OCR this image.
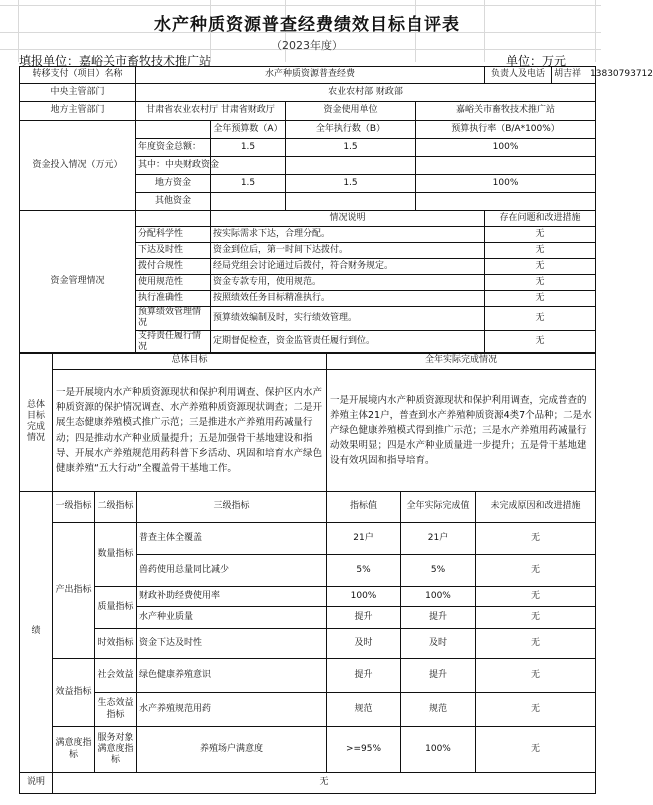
水产种质资源普查经费绩效目标自评表
（2023年度）
填报单位：嘉峪关市畜牧技术推广站	单位：万元
转移支付（项目）名称	水产种质资源普查经费				负责人及电话	胡吉祥　13830793712
中央主管部门	农业农村部 财政部					
地方主管部门	甘肃省农业农村厅 甘肃省财政厅		资金使用单位	嘉峪关市畜牧技术推广站		
资金投入情况（万元）		全年预算数（A）	全年执行数（B）	预算执行率（B/A*100%）		
	年度资金总额：	1.5	1.5	100%		
	其中：中央财政资金					
	地方资金	1.5	1.5	100%		
	其他资金					
资金管理情况		情况说明			存在问题和改进措施	
	分配科学性	按实际需求下达，合理分配。			无	
	下达及时性	资金到位后，第一时间下达拨付。			无	
	拨付合规性	经局党组会讨论通过后拨付，符合财务规定。			无	
	使用规范性	资金专款专用，使用规范。			无	
	执行准确性	按照绩效任务目标精准执行。			无	
	预算绩效管理情况	预算绩效编制及时，实行绩效管理。			无	
	支持责任履行情况	定期督促检查，资金监管责任履行到位。			无	
总体目标完成情况	总体目标	全年实际完成情况
	一是开展境内水产种质资源现状和保护利用调查、保护区内水产种质资源的保护情况调查、水产养殖种质资源现状调查；二是开展生态健康养殖模式推广示范；三是推进水产养殖用药减量行动；四是推动水产种业质量提升；五是加强骨干基地建设和指导、开展水产养殖规范用药科普下乡活动、巩固和培育水产绿色健康养殖“五大行动”全覆盖骨干基地工作。	一是开展境内水产种质资源现状和保护利用调查，完成普查的养殖主体21户，普查到水产养殖种质资源4类7个品种；二是水产绿色健康养殖模式得到推广示范；三是水产养殖用药减量行动效果明显；四是水产种业质量进一步提升；五是骨干基地建设有效巩固和指导培育。
绩	一级指标	二级指标	三级指标	指标值	全年实际完成值	未完成原因和改进措施
	产出指标	数量指标	普查主体全覆盖	21户	21户	无
			兽药使用总量同比减少	5%	5%	无
		质量指标	财政补助经费使用率	100%	100%	无
			水产种业质量	提升	提升	无
		时效指标	资金下达及时性	及时	及时	无
	效益指标	社会效益	绿色健康养殖意识	提升	提升	无
		生态效益指标	水产养殖规范用药	规范	规范	无
	满意度指标	服务对象满意度指标	养殖场户满意度	>=95%	100%	无
说明	无
